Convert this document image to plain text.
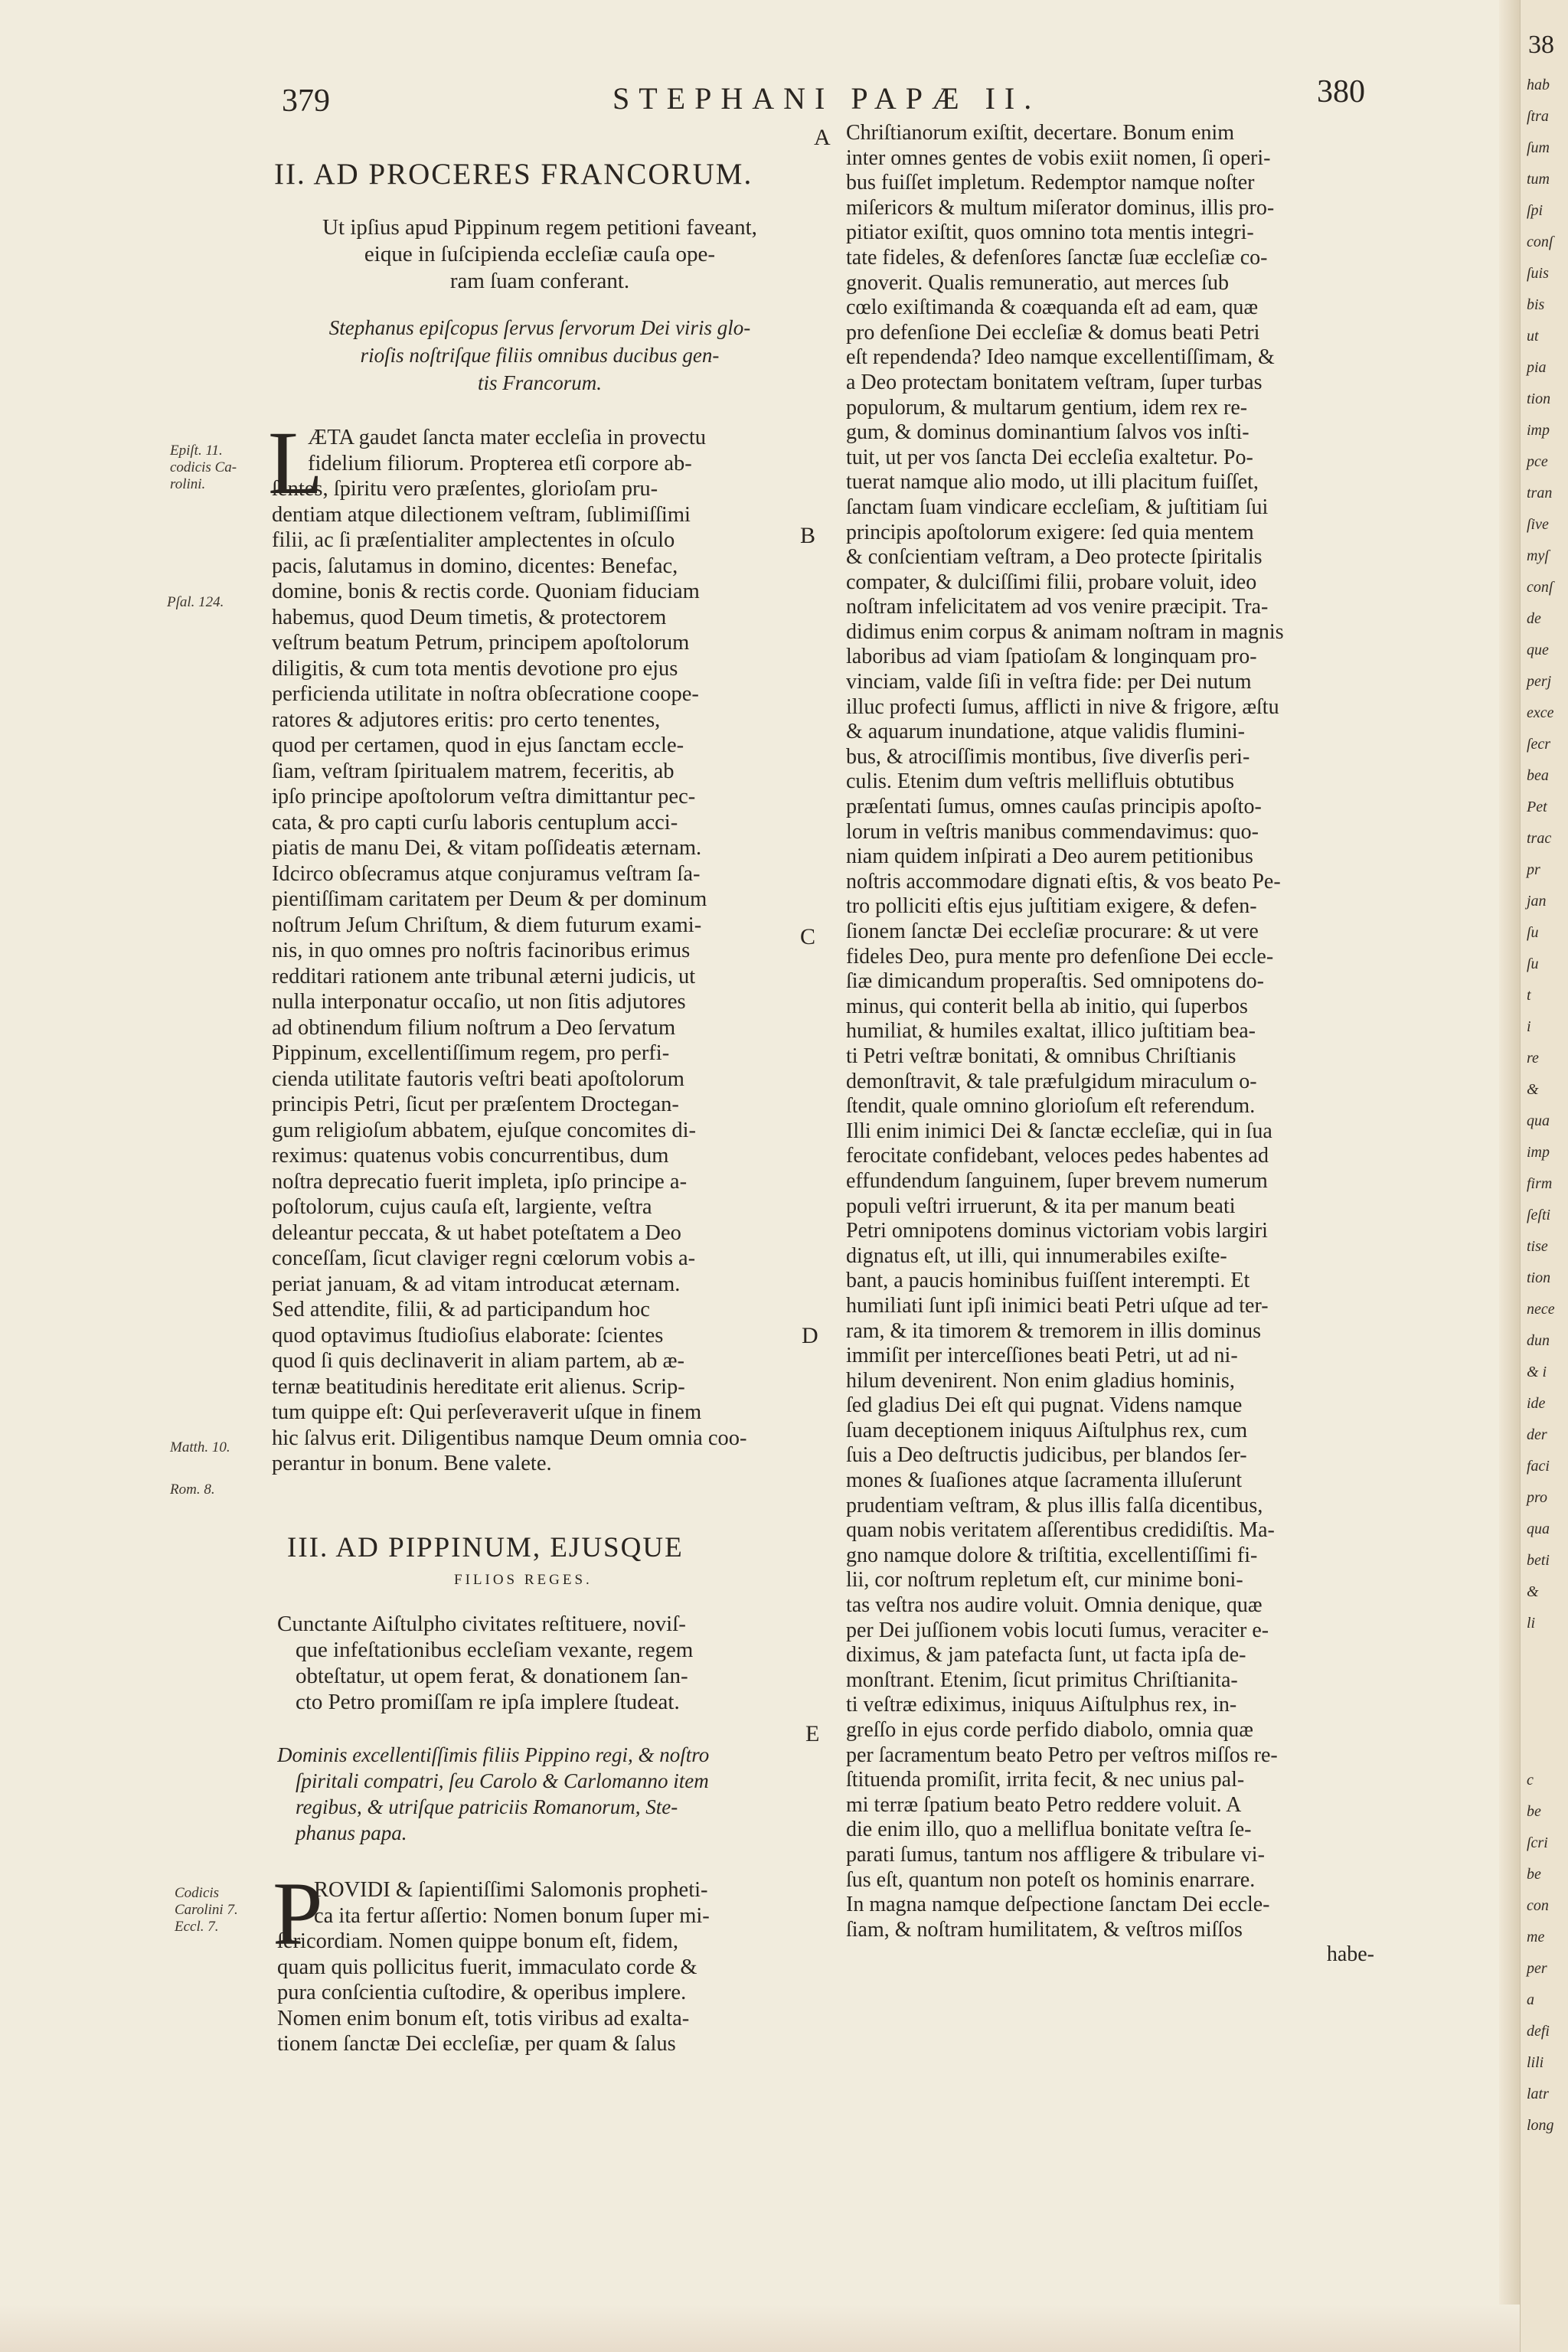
379	STEPHANI PAPÆ II.	380
II. AD PROCERES FRANCORUM.
Ut ipſius apud Pippinum regem petitioni faveant,
eique in ſuſcipienda eccleſiæ cauſa ope-
ram ſuam conferant.
Stephanus epiſcopus ſervus ſervorum Dei viris glo-
rioſis noſtriſque filiis omnibus ducibus gen-
tis Francorum.
L
ÆTA gaudet ſancta mater eccleſia in provectu
fidelium filiorum. Propterea etſi corpore ab-
ſentes, ſpiritu vero præſentes, glorioſam pru-
dentiam atque dilectionem veſtram, ſublimiſſimi
filii, ac ſi præſentialiter amplectentes in oſculo
pacis, ſalutamus in domino, dicentes: Benefac,
domine, bonis & rectis corde. Quoniam fiduciam
habemus, quod Deum timetis, & protectorem
veſtrum beatum Petrum, principem apoſtolorum
diligitis, & cum tota mentis devotione pro ejus
perficienda utilitate in noſtra obſecratione coope-
ratores & adjutores eritis: pro certo tenentes,
quod per certamen, quod in ejus ſanctam eccle-
ſiam, veſtram ſpiritualem matrem, feceritis, ab
ipſo principe apoſtolorum veſtra dimittantur pec-
cata, & pro capti curſu laboris centuplum acci-
piatis de manu Dei, & vitam poſſideatis æternam.
Idcirco obſecramus atque conjuramus veſtram ſa-
pientiſſimam caritatem per Deum & per dominum
noſtrum Jeſum Chriſtum, & diem futurum exami-
nis, in quo omnes pro noſtris facinoribus erimus
redditari rationem ante tribunal æterni judicis, ut
nulla interponatur occaſio, ut non ſitis adjutores
ad obtinendum filium noſtrum a Deo ſervatum
Pippinum, excellentiſſimum regem, pro perfi-
cienda utilitate fautoris veſtri beati apoſtolorum
principis Petri, ſicut per præſentem Droctegan-
gum religioſum abbatem, ejuſque concomites di-
reximus: quatenus vobis concurrentibus, dum
noſtra deprecatio fuerit impleta, ipſo principe a-
poſtolorum, cujus cauſa eſt, largiente, veſtra
deleantur peccata, & ut habet poteſtatem a Deo
conceſſam, ſicut claviger regni cœlorum vobis a-
periat januam, & ad vitam introducat æternam.
Sed attendite, filii, & ad participandum hoc
quod optavimus ſtudioſius elaborate: ſcientes
quod ſi quis declinaverit in aliam partem, ab æ-
ternæ beatitudinis hereditate erit alienus. Scrip-
tum quippe eſt: Qui perſeveraverit uſque in finem
hic ſalvus erit. Diligentibus namque Deum omnia coo-
perantur in bonum. Bene valete.
III. AD PIPPINUM, EJUSQUE
FILIOS REGES.
Cunctante Aiſtulpho civitates reſtituere, noviſ-
que infeſtationibus eccleſiam vexante, regem
obteſtatur, ut opem ferat, & donationem ſan-
cto Petro promiſſam re ipſa implere ſtudeat.
Dominis excellentiſſimis filiis Pippino regi, & noſtro
ſpiritali compatri, ſeu Carolo & Carlomanno item
regibus, & utriſque patriciis Romanorum, Ste-
phanus papa.
P
ROVIDI & ſapientiſſimi Salomonis propheti-
ca ita fertur aſſertio: Nomen bonum ſuper mi-
ſericordiam. Nomen quippe bonum eſt, fidem,
quam quis pollicitus fuerit, immaculato corde &
pura conſcientia cuſtodire, & operibus implere.
Nomen enim bonum eſt, totis viribus ad exalta-
tionem ſanctæ Dei eccleſiæ, per quam & ſalus
Chriſtianorum exiſtit, decertare. Bonum enim
inter omnes gentes de vobis exiit nomen, ſi operi-
bus fuiſſet impletum. Redemptor namque noſter
miſericors & multum miſerator dominus, illis pro-
pitiator exiſtit, quos omnino tota mentis integri-
tate fideles, & defenſores ſanctæ ſuæ eccleſiæ co-
gnoverit. Qualis remuneratio, aut merces ſub
cœlo exiſtimanda & coæquanda eſt ad eam, quæ
pro defenſione Dei eccleſiæ & domus beati Petri
eſt rependenda? Ideo namque excellentiſſimam, &
a Deo protectam bonitatem veſtram, ſuper turbas
populorum, & multarum gentium, idem rex re-
gum, & dominus dominantium ſalvos vos inſti-
tuit, ut per vos ſancta Dei eccleſia exaltetur. Po-
tuerat namque alio modo, ut illi placitum fuiſſet,
ſanctam ſuam vindicare eccleſiam, & juſtitiam ſui
principis apoſtolorum exigere: ſed quia mentem
& conſcientiam veſtram, a Deo protecte ſpiritalis
compater, & dulciſſimi filii, probare voluit, ideo
noſtram infelicitatem ad vos venire præcipit. Tra-
didimus enim corpus & animam noſtram in magnis
laboribus ad viam ſpatioſam & longinquam pro-
vinciam, valde ſiſi in veſtra fide: per Dei nutum
illuc profecti ſumus, afflicti in nive & frigore, æſtu
& aquarum inundatione, atque validis flumini-
bus, & atrociſſimis montibus, ſive diverſis peri-
culis. Etenim dum veſtris mellifluis obtutibus
præſentati ſumus, omnes cauſas principis apoſto-
lorum in veſtris manibus commendavimus: quo-
niam quidem inſpirati a Deo aurem petitionibus
noſtris accommodare dignati eſtis, & vos beato Pe-
tro polliciti eſtis ejus juſtitiam exigere, & defen-
ſionem ſanctæ Dei eccleſiæ procurare: & ut vere
fideles Deo, pura mente pro defenſione Dei eccle-
ſiæ dimicandum properaſtis. Sed omnipotens do-
minus, qui conterit bella ab initio, qui ſuperbos
humiliat, & humiles exaltat, illico juſtitiam bea-
ti Petri veſtræ bonitati, & omnibus Chriſtianis
demonſtravit, & tale præfulgidum miraculum o-
ſtendit, quale omnino glorioſum eſt referendum.
Illi enim inimici Dei & ſanctæ eccleſiæ, qui in ſua
ferocitate confidebant, veloces pedes habentes ad
effundendum ſanguinem, ſuper brevem numerum
populi veſtri irruerunt, & ita per manum beati
Petri omnipotens dominus victoriam vobis largiri
dignatus eſt, ut illi, qui innumerabiles exiſte-
bant, a paucis hominibus fuiſſent interempti. Et
humiliati ſunt ipſi inimici beati Petri uſque ad ter-
ram, & ita timorem & tremorem in illis dominus
immiſit per interceſſiones beati Petri, ut ad ni-
hilum devenirent. Non enim gladius hominis,
ſed gladius Dei eſt qui pugnat. Videns namque
ſuam deceptionem iniquus Aiſtulphus rex, cum
ſuis a Deo deſtructis judicibus, per blandos ſer-
mones & ſuaſiones atque ſacramenta illuſerunt
prudentiam veſtram, & plus illis falſa dicentibus,
quam nobis veritatem aſſerentibus credidiſtis. Ma-
gno namque dolore & triſtitia, excellentiſſimi fi-
lii, cor noſtrum repletum eſt, cur minime boni-
tas veſtra nos audire voluit. Omnia denique, quæ
per Dei juſſionem vobis locuti ſumus, veraciter e-
diximus, & jam patefacta ſunt, ut facta ipſa de-
monſtrant. Etenim, ſicut primitus Chriſtianita-
ti veſtræ ediximus, iniquus Aiſtulphus rex, in-
greſſo in ejus corde perfido diabolo, omnia quæ
per ſacramentum beato Petro per veſtros miſſos re-
ſtituenda promiſit, irrita fecit, & nec unius pal-
mi terræ ſpatium beato Petro reddere voluit. A
die enim illo, quo a melliflua bonitate veſtra ſe-
parati ſumus, tantum nos affligere & tribulare vi-
ſus eſt, quantum non poteſt os hominis enarrare.
In magna namque deſpectione ſanctam Dei eccle-
ſiam, & noſtram humilitatem, & veſtros miſſos
habe-
Epiſt. 11.
codicis Ca-
rolini.
Pſal. 124.
Matth. 10.
Rom. 8.
Codicis
Carolini 7.
Eccl. 7.
A
B
C
D
E
38
hab
ſtra
ſum
tum
ſpi
conſ
ſuis
bis
ut
pia
tion
imp
pce
tran
ſive
myſ
conſ
de
que
perj
exce
ſecr
bea
Pet
trac
pr
jan
ſu
ſu
t
i
re
&
qua
imp
firm
ſeſti
tise
tion
nece
dun
& i
ide
der
faci
pro
qua
beti
&
li
c
be
ſcri
be
con
me
per
a
defi
lili
latr
long
